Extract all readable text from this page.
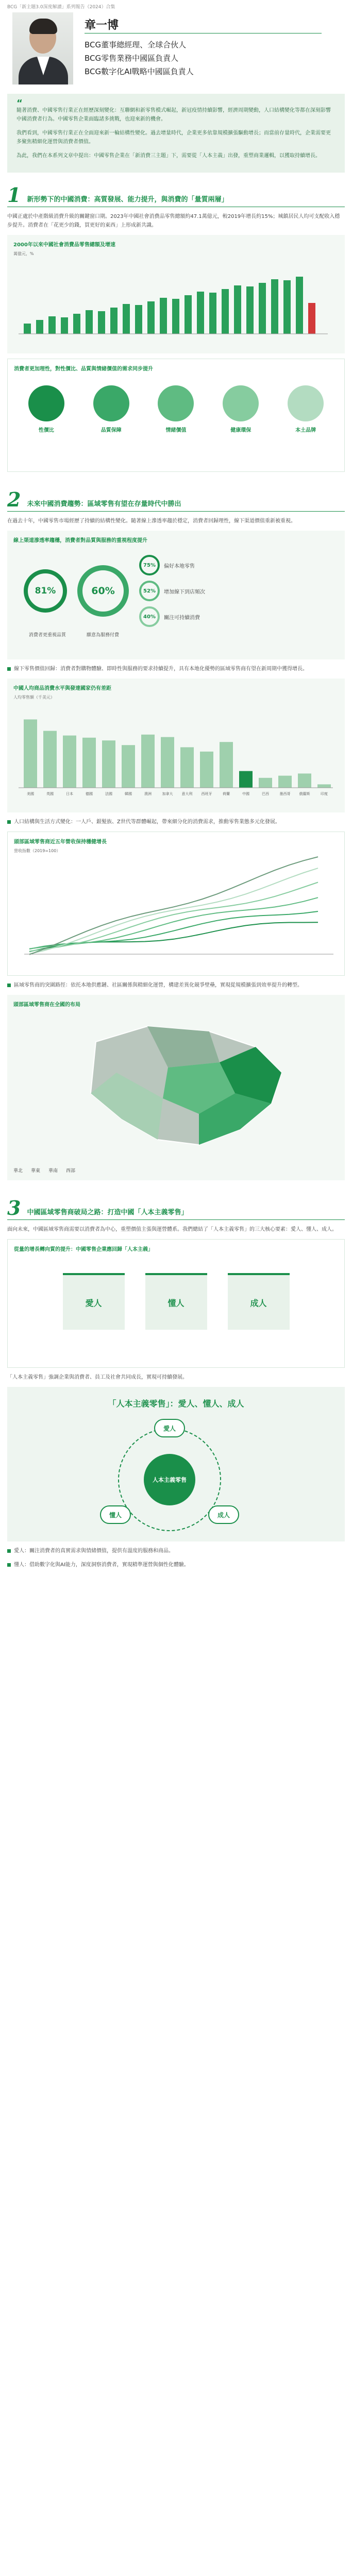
BCG「新主題3.0深度解讀」系列報告（2024）合集
章一博
BCG董事總經理、全球合伙人
BCG零售業務中國區負責人
BCG數字化AI戰略中國區負責人
“

隨著消費、中國零售行業正在經歷深刻變化：互聯網和新零售模式崛起，新冠疫情持續影響，經濟周期變動，人口結構變化等都在深刻影響中國消費者行為。中國零售企業面臨諸多挑戰，也迎來新的機會。

我們看到，中國零售行業正在全面迎來新一輪結構性變化。過去增量時代，企業更多依靠規模擴張驅動增長；而當前存量時代，企業需要更多聚焦精細化運營與消費者價值。

為此，我們在本系列文章中提出：中國零售企業在「新消費三主題」下，需要從「人本主義」出發，重塑商業邏輯，以獲取持續增長。

1 新形勢下的中國消費：高質發展、能力提升，與消費的「量質兩層」
中國正處於中產階級消費升級的關鍵窗口期。2023年中國社會消費品零售總額約47.1萬億元，較2019年增長約15%；城鎮居民人均可支配收入穩步提升。消費者在「花更少的錢，買更好的東西」上形成新共識。
2000年以來中國社會消費品零售總額及增速
萬億元，%
消費者更加理性，對性價比、品質與情緒價值的需求同步提升
性價比	品質保障	情緒價值	健康環保	本土品牌
2 未來中國消費趨勢：區域零售有望在存量時代中勝出
在過去十年，中國零售市場經歷了持續的結構性變化。隨著線上滲透率趨於穩定，消費者回歸理性，線下渠道價值重新被重視。
線上渠道滲透率趨穩，消費者對品質與服務的重視程度提升
81%	60%
75%	偏好本地零售
52%	增加線下到店頻次
40%	關注可持續消費
消費者更重視品質	願意為服務付費
線下零售價值回歸：消費者對購物體驗、即時性與服務的要求持續提升，具有本地化優勢的區域零售商有望在新周期中獲得增長。
中國人均商品消費水平與發達國家仍有差距
人均零售額（千美元）
美國	英國	日本	德國	法國	韓國	澳洲	加拿大 意大利 西班牙	荷蘭	中國	巴西	墨西哥 俄羅斯	印度
人口結構與生活方式變化：一人戶、銀髮族、Z世代等群體崛起，帶來細分化的消費需求，推動零售業態多元化發展。
頭部區域零售商近五年營收保持穩健增長
營收指數（2019=100）
區域零售商的突圍路徑：依托本地供應鏈、社區關係與精細化運營，構建差異化競爭壁壘，實現從規模擴張到效率提升的轉型。
頭部區域零售商在全國的布局
華北 華東 華南 西部
3 中國區域零售商破局之路：打造中國「人本主義零售」
面向未來，中國區域零售商需要以消費者為中心，重塑價值主張與運營體系。我們總結了「人本主義零售」的三大核心要素：愛人、懂人、成人。
從量的增長轉向質的提升：中國零售企業應回歸「人本主義」
愛人	懂人	成人
「人本主義零售」強調企業與消費者、員工及社會共同成長，實現可持續發展。
「人本主義零售」：愛人、懂人、成人
人本主義零售
愛人
懂人	成人
愛人：關注消費者的真實需求與情緒價值，提供有溫度的服務和商品。
懂人：借助數字化與AI能力，深度洞察消費者，實現精準運營與個性化體驗。
